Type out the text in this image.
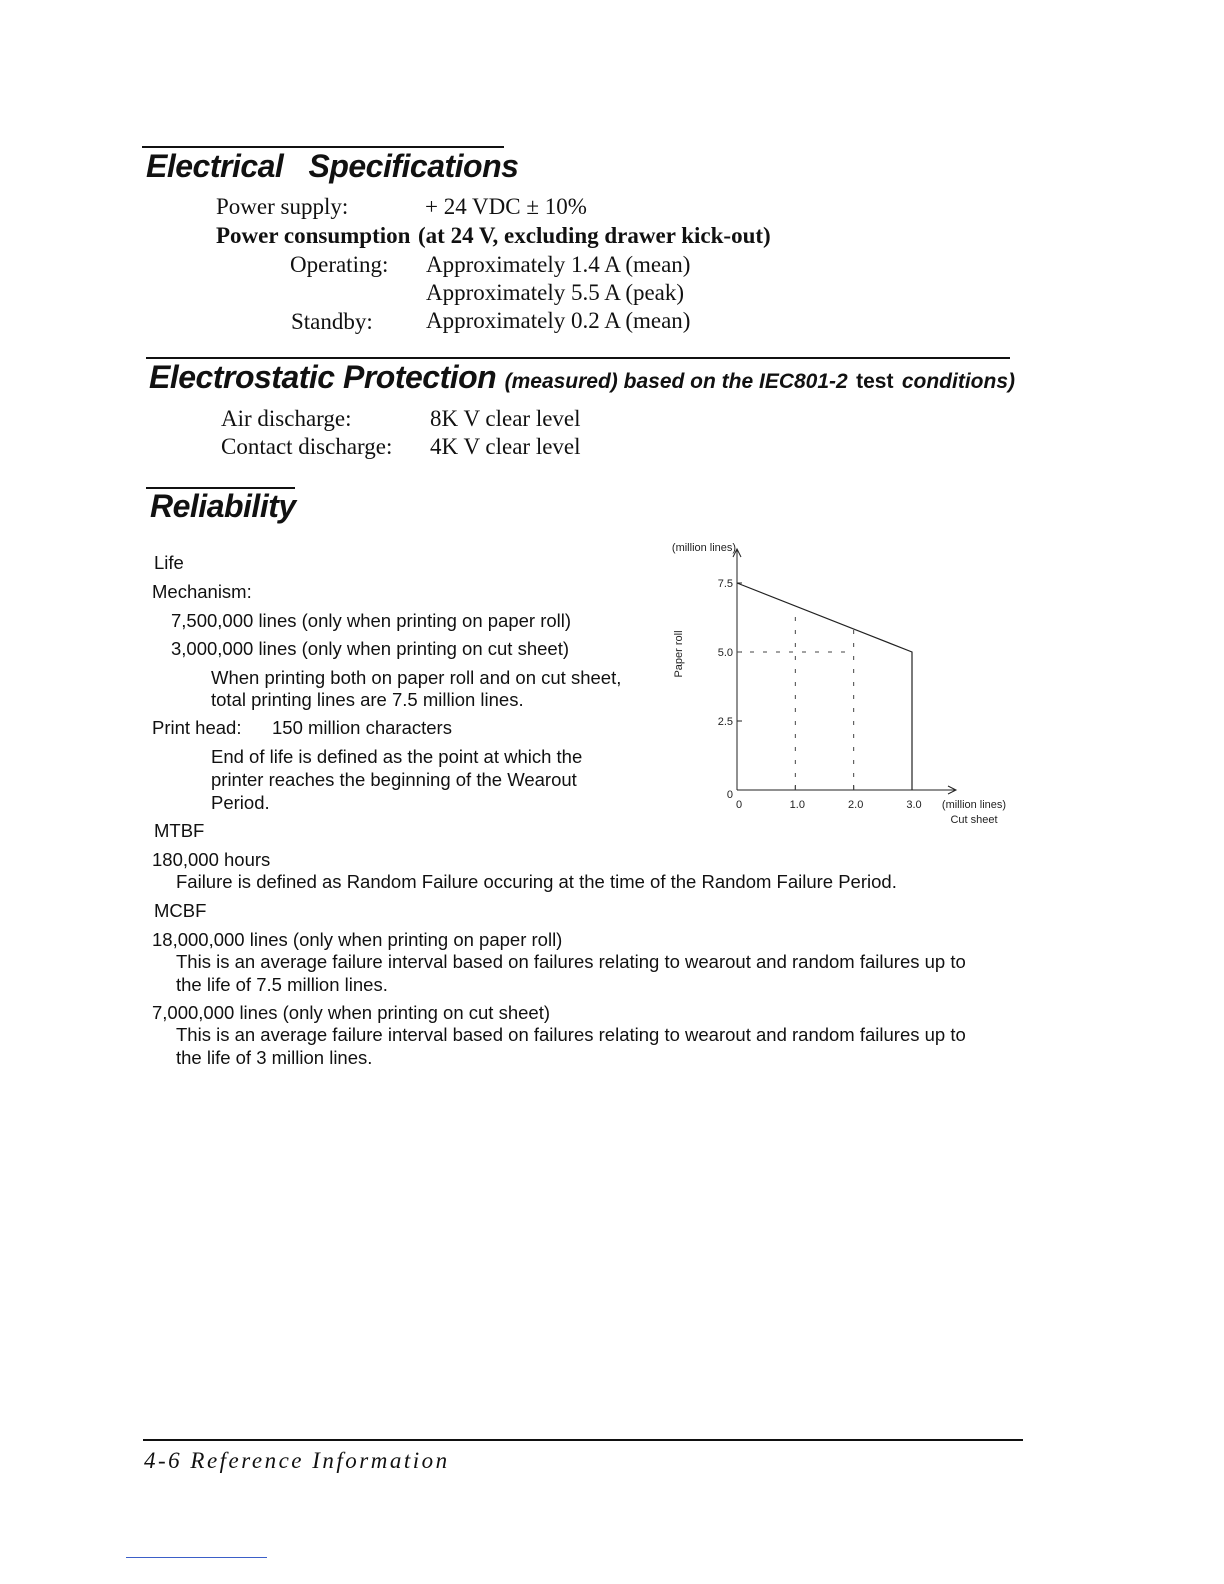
Electrical   Specifications
Power supply:	+ 24 VDC ± 10%
Power consumption (at 24 V, excluding drawer kick-out)
Operating: Approximately 1.4 A (mean)
Approximately 5.5 A (peak)
Standby: Approximately 0.2 A (mean)
Electrostatic Protection (measured) based on the IEC801-2 test conditions)
Air discharge:	8K V clear level
Contact discharge: 4K V clear level
Reliability
Life
Mechanism:
7,500,000 lines (only when printing on paper roll)
3,000,000 lines (only when printing on cut sheet)
When printing both on paper roll and on cut sheet,
total printing lines are 7.5 million lines.
Print head: 150 million characters
End of life is defined as the point at which the
printer reaches the beginning of the Wearout
Period.
MTBF
180,000 hours
Failure is defined as Random Failure occuring at the time of the Random Failure Period.
MCBF
18,000,000 lines (only when printing on paper roll)
This is an average failure interval based on failures relating to wearout and random failures up to
the life of 7.5 million lines.
7,000,000 lines (only when printing on cut sheet)
This is an average failure interval based on failures relating to wearout and random failures up to
the life of 3 million lines.
0
2.5
5.0
7.5
0	1.0	2.0	3.0
(million lines)
Paper roll
(million lines)
Cut sheet
4-6 Reference Information
